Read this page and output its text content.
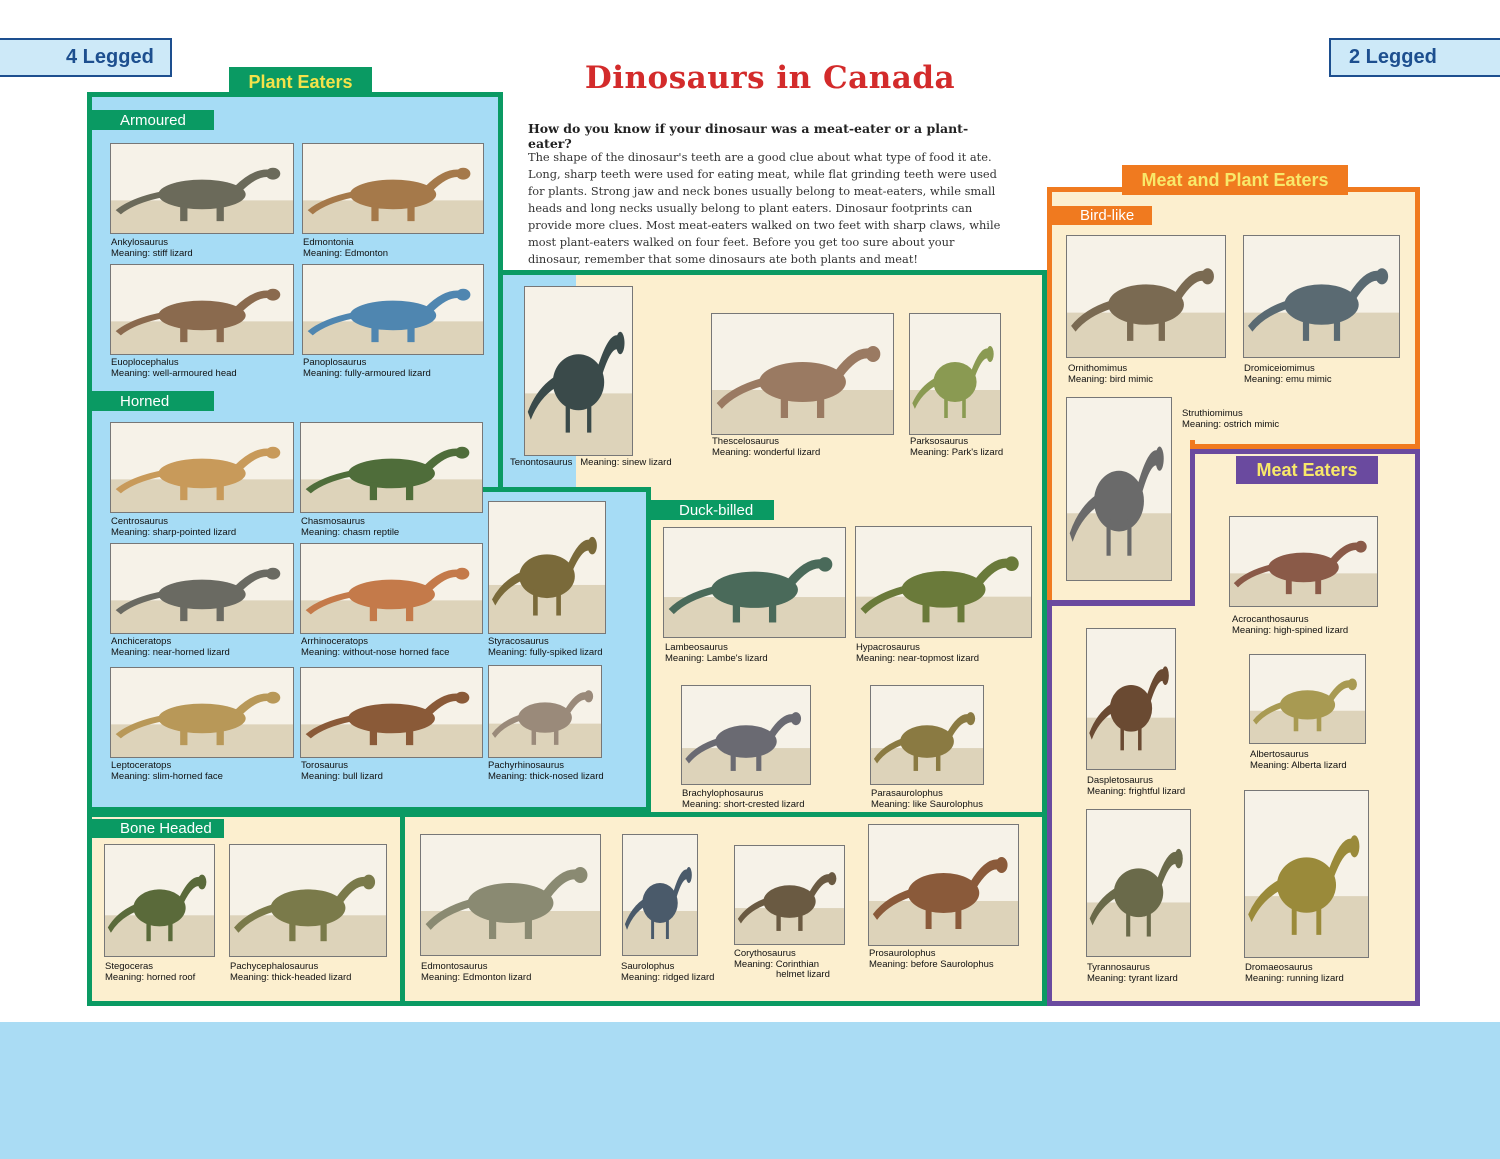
4 Legged	2 Legged
Dinosaurs in Canada
How do you know if your dinosaur was a meat-eater or a plant-eater?
The shape of the dinosaur's teeth are a good clue about what type of food it ate. Long, sharp teeth were used for eating meat, while flat grinding teeth were used for plants. Strong jaw and neck bones usually belong to meat-eaters, while small heads and long necks usually belong to plant eaters. Dinosaur footprints can provide more clues. Most meat-eaters walked on two feet with sharp claws, while most plant-eaters walked on four feet. Before you get too sure about your dinosaur, remember that some dinosaurs ate both plants and meat!
Plant Eaters
Meat and Plant Eaters
Meat Eaters
Armoured
Horned
Bone Headed
Duck-billed
Bird-like
Ankylosaurus
Meaning: stiff lizard
Edmontonia
Meaning: Edmonton
Euoplocephalus
Meaning: well-armoured head
Panoplosaurus
Meaning: fully-armoured lizard
Centrosaurus
Meaning: sharp-pointed lizard
Chasmosaurus
Meaning: chasm reptile
Anchiceratops
Meaning: near-horned lizard
Arrhinoceratops
Meaning: without-nose horned face
Styracosaurus
Meaning: fully-spiked lizard
Leptoceratops
Meaning: slim-horned face
Torosaurus
Meaning: bull lizard
Pachyrhinosaurus
Meaning: thick-nosed lizard
Tenontosaurus Meaning: sinew lizard
Thescelosaurus
Meaning: wonderful lizard
Parksosaurus
Meaning: Park's lizard
Lambeosaurus
Meaning: Lambe's lizard
Hypacrosaurus
Meaning: near-topmost lizard
Brachylophosaurus
Meaning: short-crested lizard
Parasaurolophus
Meaning: like Saurolophus
Stegoceras
Meaning: horned roof
Pachycephalosaurus
Meaning: thick-headed lizard
Edmontosaurus
Meaning: Edmonton lizard
Saurolophus
Meaning: ridged lizard
Corythosaurus
Meaning: Corinthian
helmet lizard
Prosaurolophus
Meaning: before Saurolophus
Ornithomimus
Meaning: bird mimic
Dromiceiomimus
Meaning: emu mimic
Struthiomimus
Meaning: ostrich mimic
Acrocanthosaurus
Meaning: high-spined lizard
Albertosaurus
Meaning: Alberta lizard
Daspletosaurus
Meaning: frightful lizard
Tyrannosaurus
Meaning: tyrant lizard
Dromaeosaurus
Meaning: running lizard
